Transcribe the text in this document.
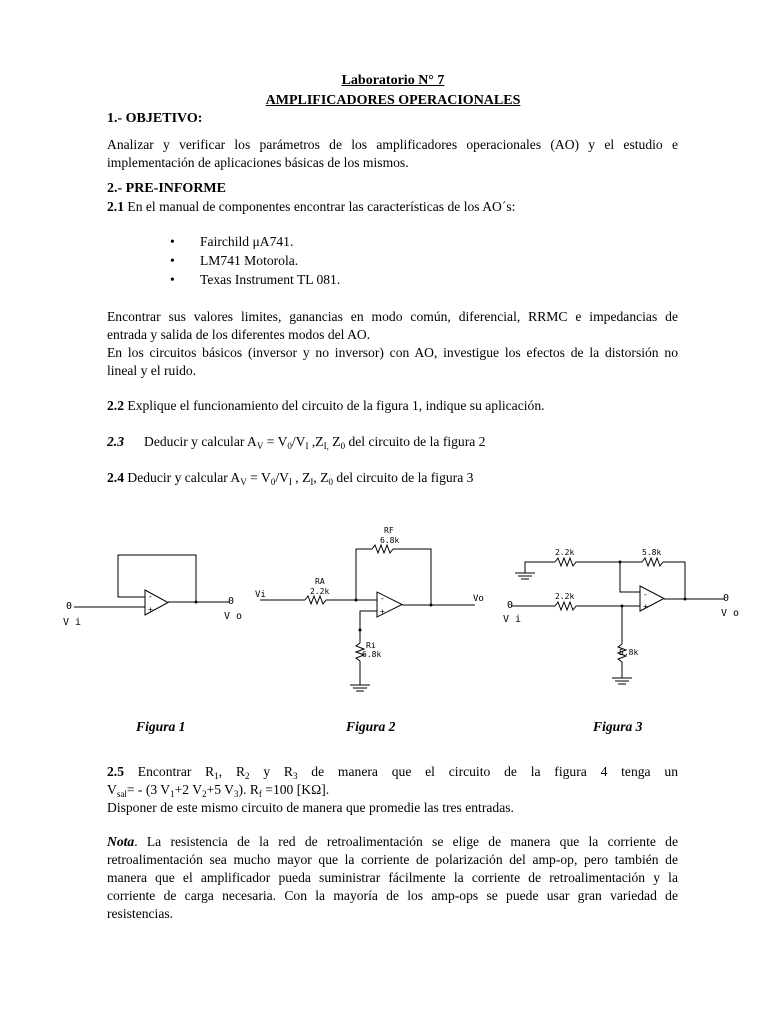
Laboratorio N° 7
AMPLIFICADORES OPERACIONALES
1.- OBJETIVO:
Analizar y verificar los parámetros de los amplificadores operacionales (AO) y el estudio e
implementación de aplicaciones básicas de los mismos.
2.- PRE-INFORME
2.1 En el manual de componentes encontrar las características de los AO´s:
• Fairchild μA741.
• LM741 Motorola.
• Texas Instrument TL 081.
Encontrar sus valores limites, ganancias en modo común, diferencial, RRMC e impedancias de
entrada y salida de los diferentes modos del AO.
En los circuitos básicos (inversor y no inversor) con AO, investigue los efectos de la distorsión no
lineal y el ruido.
2.2 Explique el funcionamiento del circuito de la figura 1, indique su aplicación.
2.3 Deducir y calcular $A_V = V_0/V_I$ $,Z_{I,}$ $Z_0$ del circuito de la figura 2
2.4 Deducir y calcular $A_V = V_0/V_I$ , $Z_I$, $Z_0$ del circuito de la figura 3
-
+
0
V i
0
V o
-
+
RF
6.8k
RA
2.2k
Ri
6.8k
Vi	Vo	-
+
2.2k	5.8k
2.2k
5.8k
0
V i
0
V o
Figura 1	Figura 2	Figura 3
2.5 Encontrar $R_1$, $R_2$ y $R_3$ de manera que el circuito de la figura 4 tenga un
$V_{sal}= - (3$ $V_1+2$ $V_2+5$ $V_3$). $R_f =100$ [KΩ].
Disponer de este mismo circuito de manera que promedie las tres entradas.
Nota. La resistencia de la red de retroalimentación se elige de manera que la corriente de
retroalimentación sea mucho mayor que la corriente de polarización del amp-op, pero también de
manera que el amplificador pueda suministrar fácilmente la corriente de retroalimentación y la
corriente de carga necesaria. Con la mayoría de los amp-ops se puede usar gran variedad de
resistencias.
